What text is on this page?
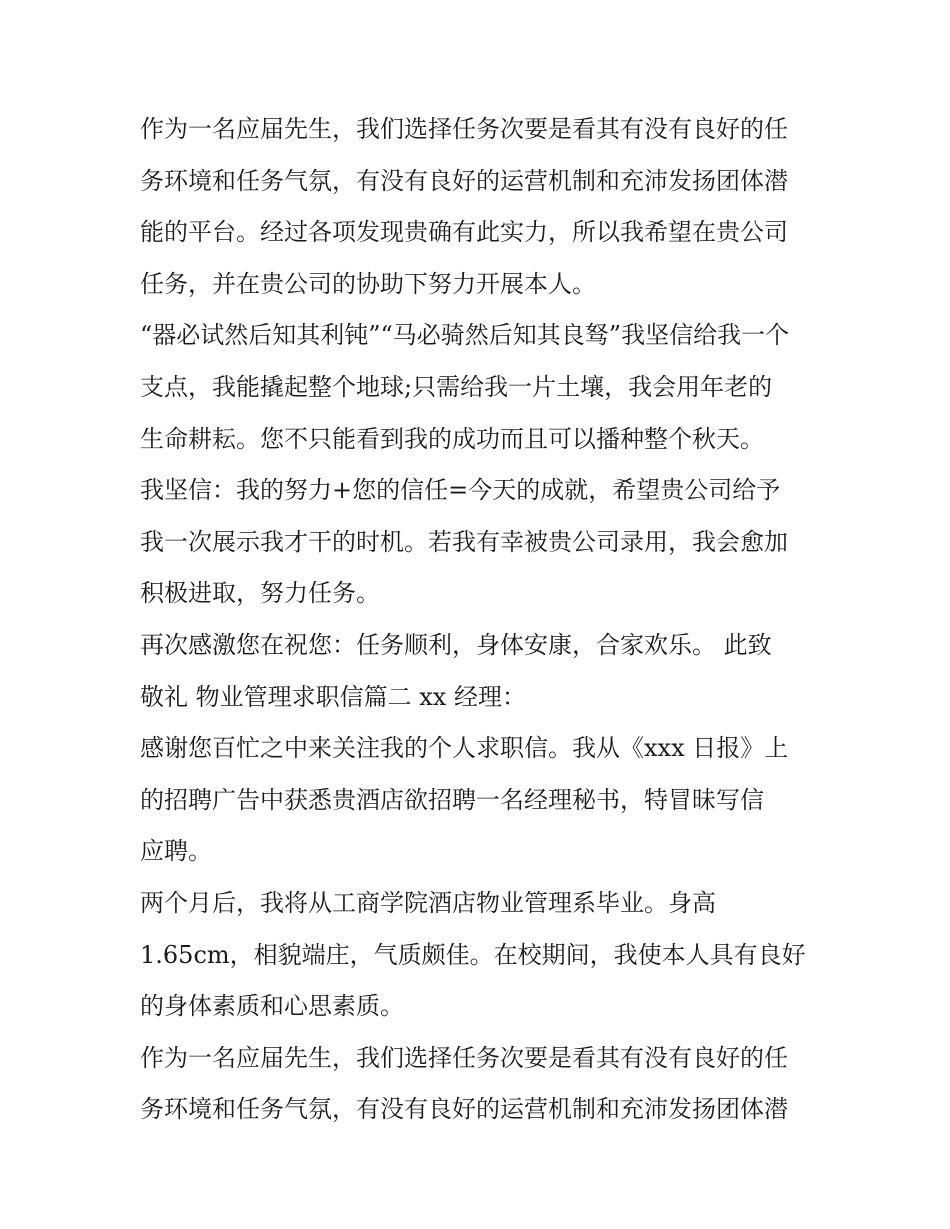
作为一名应届先生，我们选择任务次要是看其有没有良好的任
务环境和任务气氛，有没有良好的运营机制和充沛发扬团体潜
能的平台。经过各项发现贵确有此实力，所以我希望在贵公司
任务，并在贵公司的协助下努力开展本人。
“器必试然后知其利钝”“马必骑然后知其良驽”我坚信给我一个
支点，我能撬起整个地球;只需给我一片土壤，我会用年老的
生命耕耘。您不只能看到我的成功而且可以播种整个秋天。
我坚信：我的努力+您的信任=今天的成就，希望贵公司给予
我一次展示我才干的时机。若我有幸被贵公司录用，我会愈加
积极进取，努力任务。
再次感激您在祝您：任务顺利，身体安康，合家欢乐。 此致
敬礼 物业管理求职信篇二 xx 经理：
感谢您百忙之中来关注我的个人求职信。我从《xxx 日报》上
的招聘广告中获悉贵酒店欲招聘一名经理秘书，特冒昧写信
应聘。
两个月后，我将从工商学院酒店物业管理系毕业。身高
1.65cm，相貌端庄，气质颇佳。在校期间，我使本人具有良好
的身体素质和心思素质。
作为一名应届先生，我们选择任务次要是看其有没有良好的任
务环境和任务气氛，有没有良好的运营机制和充沛发扬团体潜
